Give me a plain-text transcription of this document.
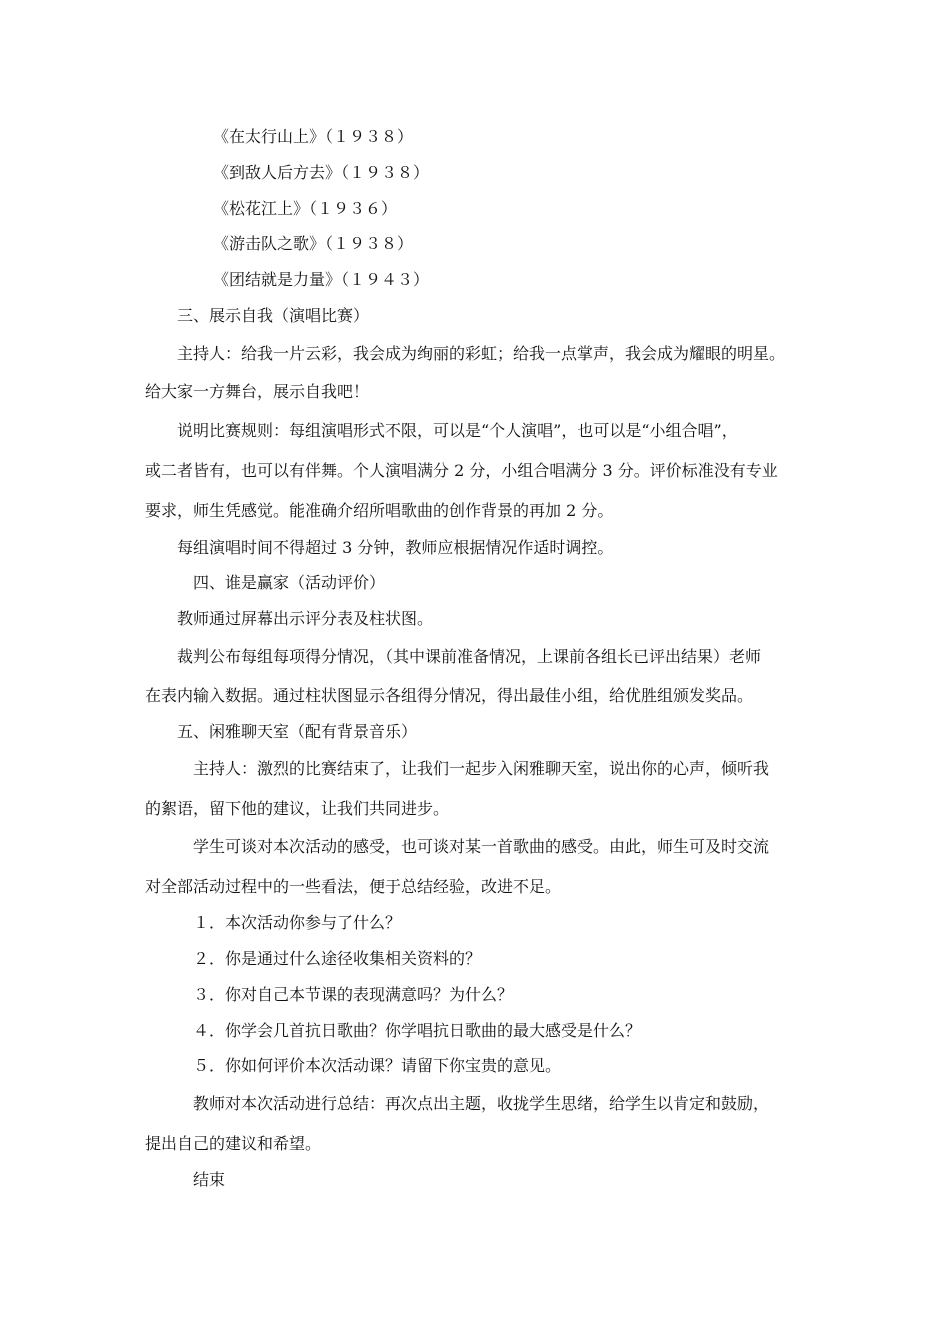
《在太行山上》（１９３８）
《到敌人后方去》（１９３８）
《松花江上》（１９３６）
《游击队之歌》（１９３８）
《团结就是力量》（１９４３）
三、展示自我（演唱比赛）
主持人：给我一片云彩，我会成为绚丽的彩虹；给我一点掌声，我会成为耀眼的明星。
给大家一方舞台，展示自我吧！
说明比赛规则：每组演唱形式不限，可以是“个人演唱”，也可以是“小组合唱”，
或二者皆有，也可以有伴舞。个人演唱满分 2 分，小组合唱满分 3 分。评价标准没有专业
要求，师生凭感觉。能准确介绍所唱歌曲的创作背景的再加 2 分。
每组演唱时间不得超过 3 分钟，教师应根据情况作适时调控。
四、谁是赢家（活动评价）
教师通过屏幕出示评分表及柱状图。
裁判公布每组每项得分情况，（其中课前准备情况，上课前各组长已评出结果）老师
在表内输入数据。通过柱状图显示各组得分情况，得出最佳小组，给优胜组颁发奖品。
五、闲雅聊天室（配有背景音乐）
主持人：激烈的比赛结束了，让我们一起步入闲雅聊天室，说出你的心声，倾听我
的絮语，留下他的建议，让我们共同进步。
学生可谈对本次活动的感受，也可谈对某一首歌曲的感受。由此，师生可及时交流
对全部活动过程中的一些看法，便于总结经验，改进不足。
１．本次活动你参与了什么？
２．你是通过什么途径收集相关资料的？
３．你对自己本节课的表现满意吗？为什么？
４．你学会几首抗日歌曲？你学唱抗日歌曲的最大感受是什么？
５．你如何评价本次活动课？请留下你宝贵的意见。
教师对本次活动进行总结：再次点出主题，收拢学生思绪，给学生以肯定和鼓励，
提出自己的建议和希望。
结束
